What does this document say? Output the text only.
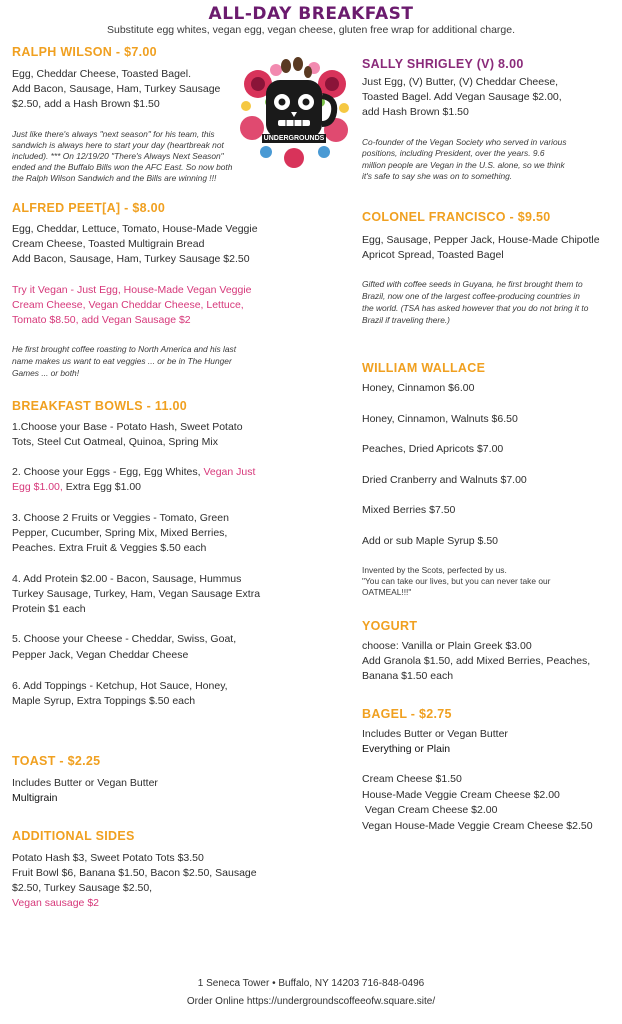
ALL-DAY BREAKFAST
Substitute egg whites, vegan egg, vegan cheese, gluten free wrap for additional charge.
UNDERGROUNDS
RALPH WILSON - $7.00
Egg, Cheddar Cheese, Toasted Bagel.
Add Bacon, Sausage, Ham, Turkey Sausage
$2.50, add a Hash Brown $1.50
Just like there's always "next season" for his team, this
sandwich is always here to start your day (heartbreak not
included). *** On 12/19/20 "There's Always Next Season"
ended and the Buffalo Bills won the AFC East. So now both
the Ralph Wilson Sandwich and the Bills are winning !!!
ALFRED PEET[A] - $8.00
Egg, Cheddar, Lettuce, Tomato, House-Made Veggie
Cream Cheese, Toasted Multigrain Bread
Add Bacon, Sausage, Ham, Turkey Sausage $2.50
Try it Vegan - Just Egg, House-Made Vegan Veggie
Cream Cheese, Vegan Cheddar Cheese, Lettuce,
Tomato $8.50, add Vegan Sausage $2
He first brought coffee roasting to North America and his last
name makes us want to eat veggies ... or be in The Hunger
Games ... or both!
BREAKFAST BOWLS - 11.00
1.Choose your Base - Potato Hash, Sweet Potato
Tots, Steel Cut Oatmeal, Quinoa, Spring Mix
2. Choose your Eggs - Egg, Egg Whites, Vegan Just
Egg $1.00, Extra Egg $1.00
3. Choose 2 Fruits or Veggies - Tomato, Green
Pepper, Cucumber, Spring Mix, Mixed Berries,
Peaches. Extra Fruit & Veggies $.50 each
4. Add Protein $2.00 - Bacon, Sausage, Hummus
Turkey Sausage, Turkey, Ham, Vegan Sausage Extra
Protein $1 each
5. Choose your Cheese - Cheddar, Swiss, Goat,
Pepper Jack, Vegan Cheddar Cheese
6. Add Toppings - Ketchup, Hot Sauce, Honey,
Maple Syrup, Extra Toppings $.50 each
TOAST - $2.25
Includes Butter or Vegan Butter
Multigrain
ADDITIONAL SIDES
Potato Hash $3, Sweet Potato Tots $3.50
Fruit Bowl $6, Banana $1.50, Bacon $2.50, Sausage
$2.50, Turkey Sausage $2.50,
Vegan sausage $2
SALLY SHRIGLEY (V) 8.00
Just Egg, (V) Butter, (V) Cheddar Cheese,
Toasted Bagel. Add Vegan Sausage $2.00,
add Hash Brown $1.50
Co-founder of the Vegan Society who served in various
positions, including President, over the years. 9.6
million people are Vegan in the U.S. alone, so we think
it's safe to say she was on to something.
COLONEL FRANCISCO - $9.50
Egg, Sausage, Pepper Jack, House-Made Chipotle
Apricot Spread, Toasted Bagel
Gifted with coffee seeds in Guyana, he first brought them to
Brazil, now one of the largest coffee-producing countries in
the world. (TSA has asked however that you do not bring it to
Brazil if traveling there.)
WILLIAM WALLACE
Honey, Cinnamon $6.00
Honey, Cinnamon, Walnuts $6.50
Peaches, Dried Apricots $7.00
Dried Cranberry and Walnuts $7.00
Mixed Berries $7.50
Add or sub Maple Syrup $.50
Invented by the Scots, perfected by us.
"You can take our lives, but you can never take our
OATMEAL!!!"
YOGURT
choose: Vanilla or Plain Greek $3.00
Add Granola $1.50, add Mixed Berries, Peaches,
Banana $1.50 each
BAGEL - $2.75
Includes Butter or Vegan Butter
Everything or Plain
Cream Cheese $1.50
House-Made Veggie Cream Cheese $2.00
Vegan Cream Cheese $2.00
Vegan House-Made Veggie Cream Cheese $2.50
1 Seneca Tower • Buffalo, NY 14203 716-848-0496
Order Online https://undergroundscoffeeofw.square.site/
